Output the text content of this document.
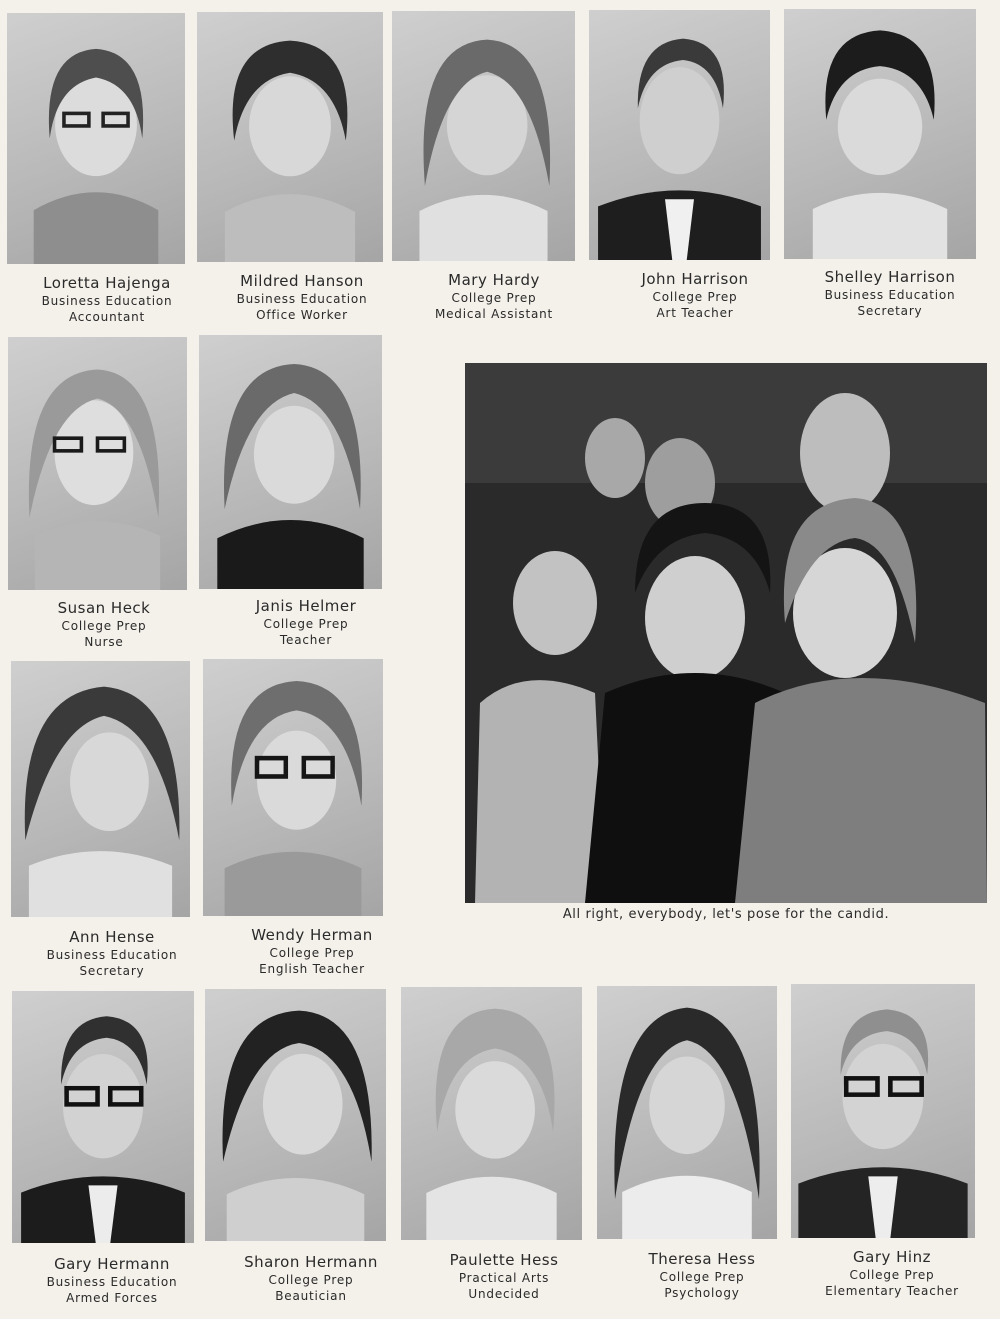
Loretta Hajenga
Business Education
Accountant
Mildred Hanson
Business Education
Office Worker
Mary Hardy
College Prep
Medical Assistant
John Harrison
College Prep
Art Teacher
Shelley Harrison
Business Education
Secretary
Susan Heck
College Prep
Nurse
Janis Helmer
College Prep
Teacher
All right, everybody, let's pose for the candid.
Ann Hense
Business Education
Secretary
Wendy Herman
College Prep
English Teacher
Gary Hermann
Business Education
Armed Forces
Sharon Hermann
College Prep
Beautician
Paulette Hess
Practical Arts
Undecided
Theresa Hess
College Prep
Psychology
Gary Hinz
College Prep
Elementary Teacher
